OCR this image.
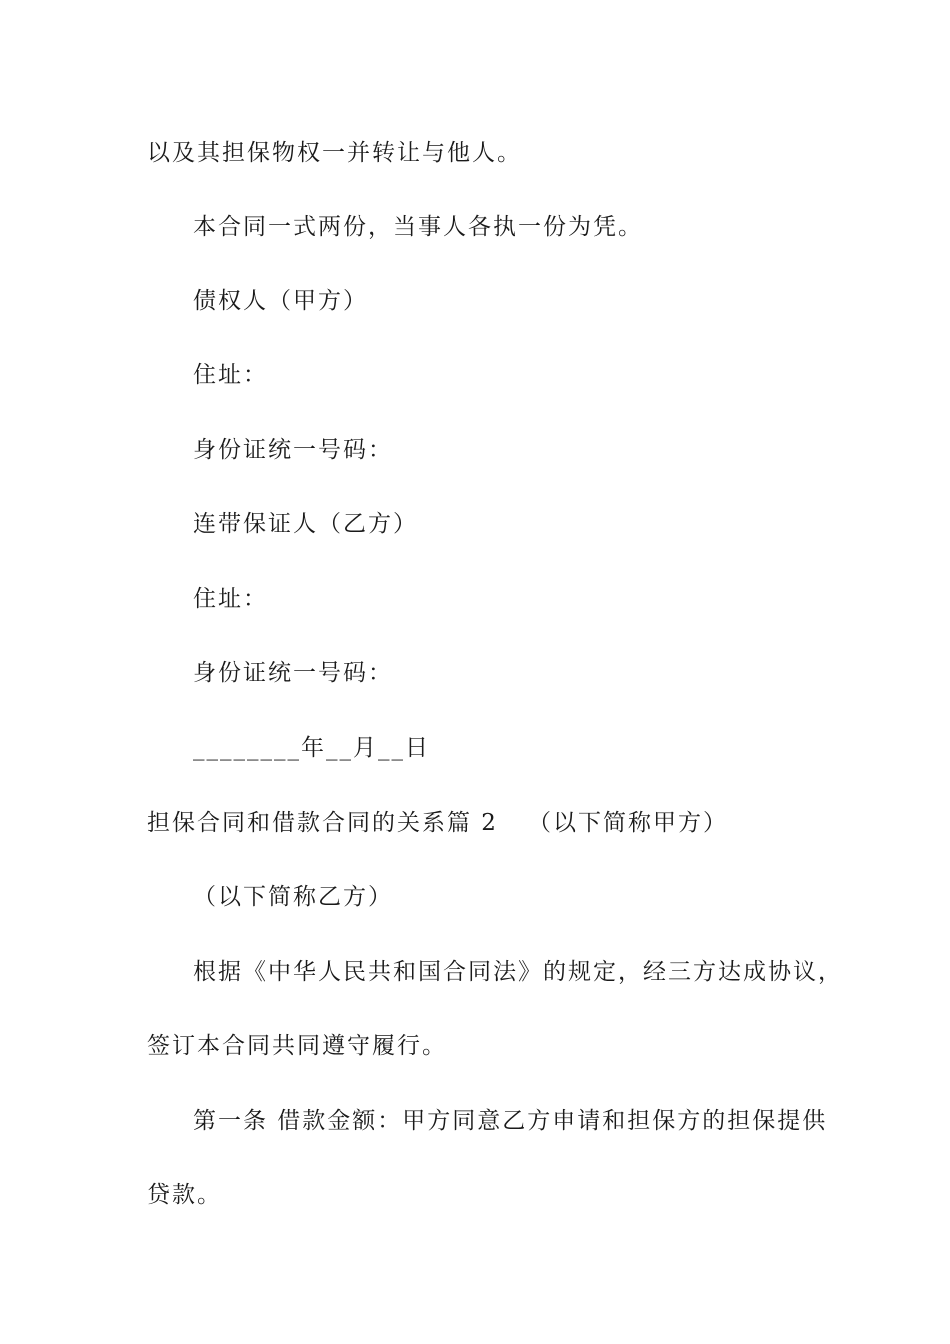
以及其担保物权一并转让与他人。
本合同一式两份，当事人各执一份为凭。
债权人（甲方）
住址：
身份证统一号码：
连带保证人（乙方）
住址：
身份证统一号码：
________年__月__日
担保合同和借款合同的关系篇 2 （以下简称甲方）
（以下简称乙方）
根据《中华人民共和国合同法》的规定，经三方达成协议，
签订本合同共同遵守履行。
第一条 借款金额：甲方同意乙方申请和担保方的担保提供
贷款。
